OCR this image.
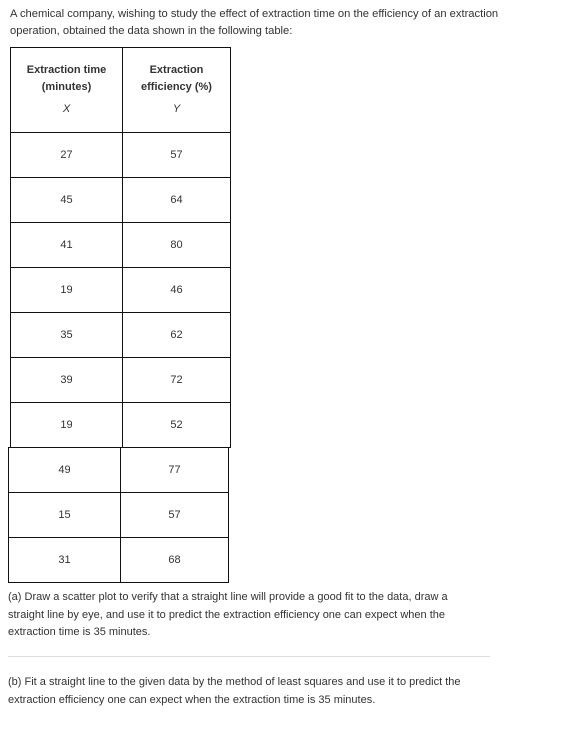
A chemical company, wishing to study the effect of extraction time on the efficiency of an extraction operation, obtained the data shown in the following table:

Extraction time
(minutes)
X	Extraction
efficiency (%)
Y

27	57
45	64
41	80
19	46
35	62
39	72
19	52
49	77
15	57
31	68

(a) Draw a scatter plot to verify that a straight line will provide a good fit to the data, draw a straight line by eye, and use it to predict the extraction efficiency one can expect when the extraction time is 35 minutes.

(b) Fit a straight line to the given data by the method of least squares and use it to predict the extraction efficiency one can expect when the extraction time is 35 minutes.
